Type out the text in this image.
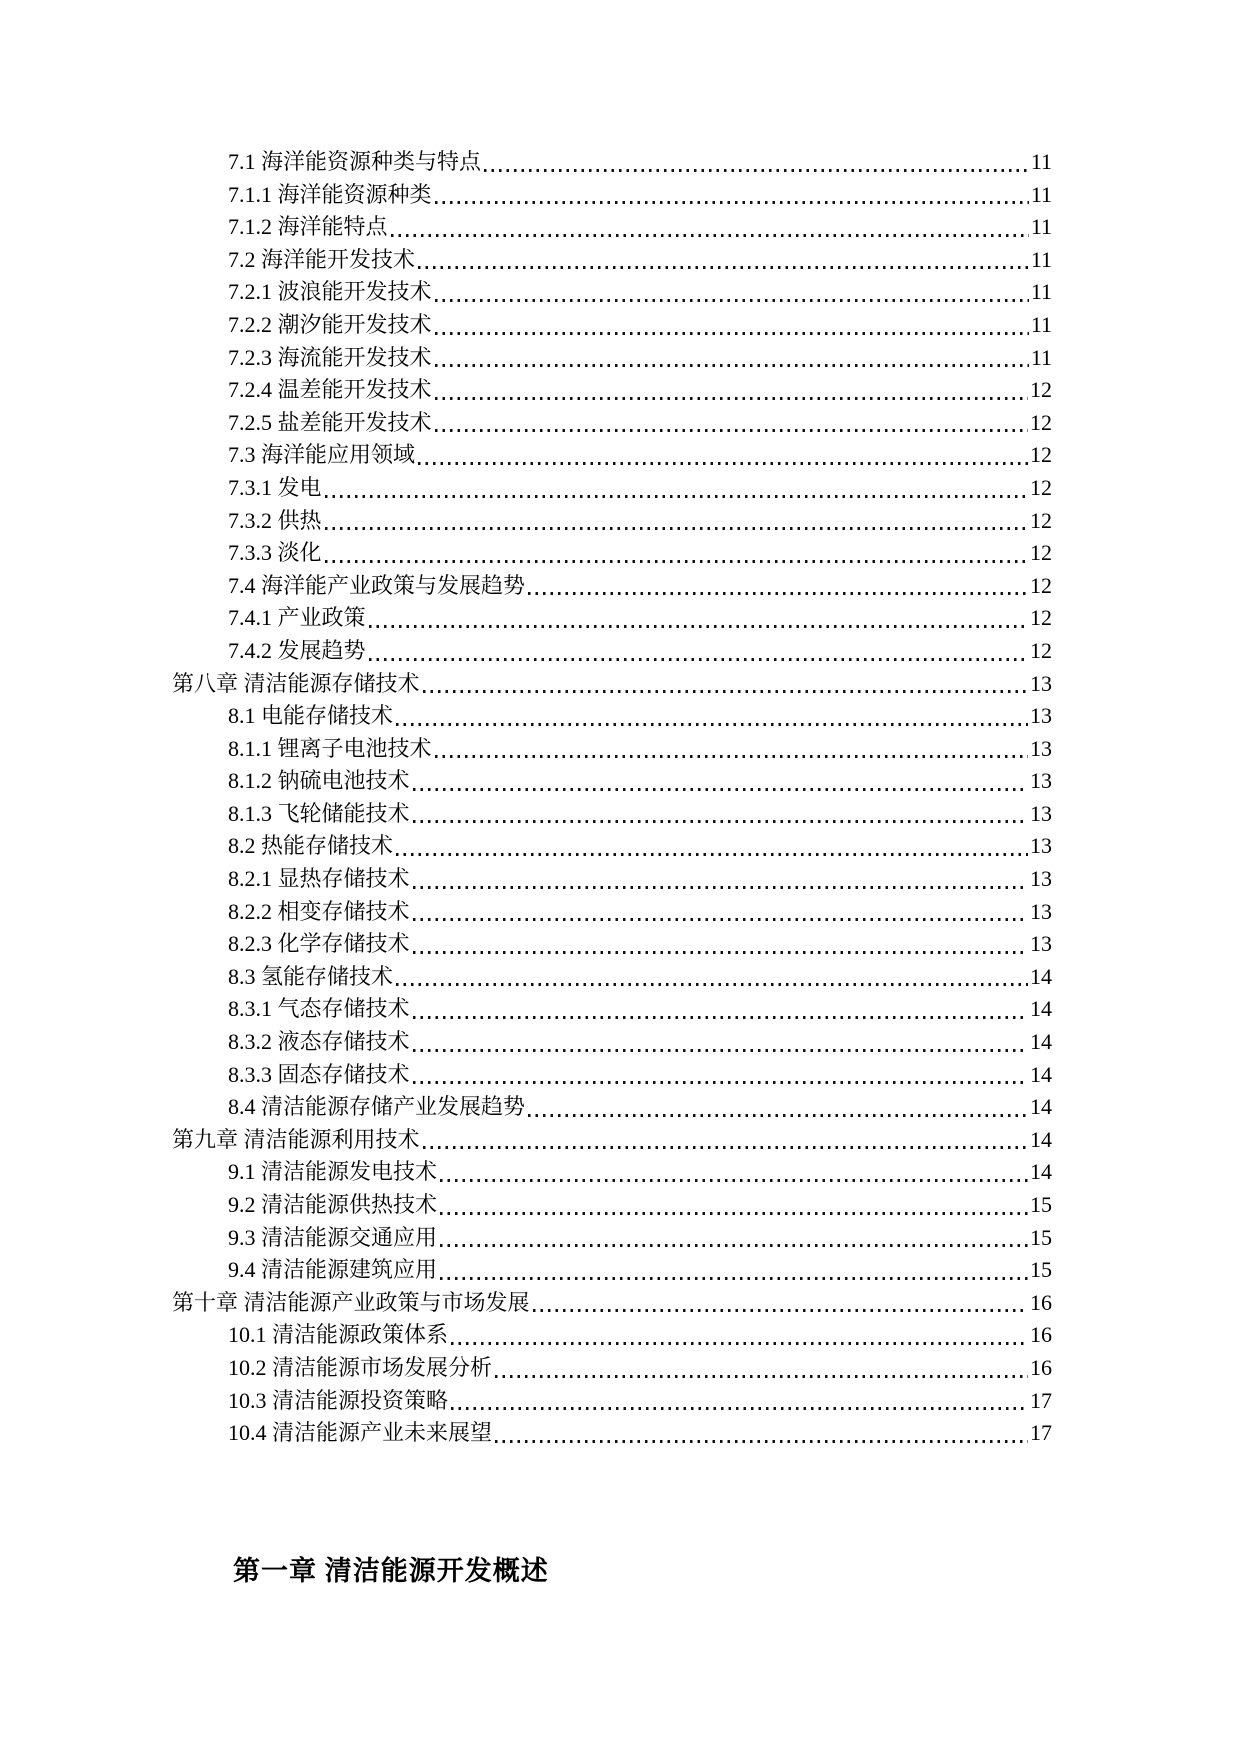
7.1 海洋能资源种类与特点	11
7.1.1 海洋能资源种类	11
7.1.2 海洋能特点	11
7.2 海洋能开发技术	11
7.2.1 波浪能开发技术	11
7.2.2 潮汐能开发技术	11
7.2.3 海流能开发技术	11
7.2.4 温差能开发技术	12
7.2.5 盐差能开发技术	12
7.3 海洋能应用领域	12
7.3.1 发电	12
7.3.2 供热	12
7.3.3 淡化	12
7.4 海洋能产业政策与发展趋势	12
7.4.1 产业政策	12
7.4.2 发展趋势	12
第八章 清洁能源存储技术	13
8.1 电能存储技术	13
8.1.1 锂离子电池技术	13
8.1.2 钠硫电池技术	13
8.1.3 飞轮储能技术	13
8.2 热能存储技术	13
8.2.1 显热存储技术	13
8.2.2 相变存储技术	13
8.2.3 化学存储技术	13
8.3 氢能存储技术	14
8.3.1 气态存储技术	14
8.3.2 液态存储技术	14
8.3.3 固态存储技术	14
8.4 清洁能源存储产业发展趋势	14
第九章 清洁能源利用技术	14
9.1 清洁能源发电技术	14
9.2 清洁能源供热技术	15
9.3 清洁能源交通应用	15
9.4 清洁能源建筑应用	15
第十章 清洁能源产业政策与市场发展	16
10.1 清洁能源政策体系	16
10.2 清洁能源市场发展分析	16
10.3 清洁能源投资策略	17
10.4 清洁能源产业未来展望	17
第一章 清洁能源开发概述
